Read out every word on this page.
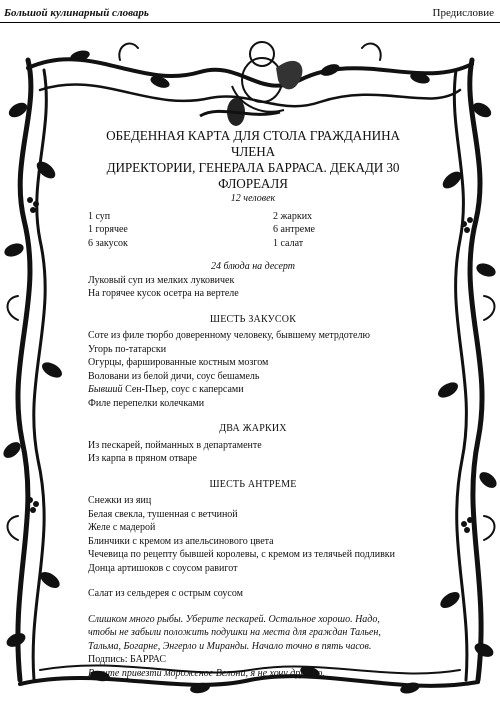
Большой кулинарный словарь	Предисловие

ОБЕДЕННАЯ КАРТА ДЛЯ СТОЛА ГРАЖДАНИНА ЧЛЕНА

ДИРЕКТОРИИ, ГЕНЕРАЛА БАРРАСА. ДЕКАДИ 30 ФЛОРЕАЛЯ

12 человек

1 суп

1 горячее

6 закусок

2 жарких

6 антреме

1 салат

24 блюда на десерт

Луковый суп из мелких луковичек

На горячее кусок осетра на вертеле

ШЕСТЬ ЗАКУСОК

Соте из филе тюрбо доверенному человеку, бывшему метрдотелю

Угорь по-татарски

Огурцы, фаршированные костным мозгом

Воловани из белой дичи, соус бешамель

Бывший Сен-Пьер, соус с каперсами

Филе перепелки колечками

ДВА ЖАРКИХ

Из пескарей, пойманных в департаменте

Из карпа в пряном отваре

ШЕСТЬ АНТРЕМЕ

Снежки из яиц

Белая свекла, тушенная с ветчиной

Желе с мадерой

Блинчики с кремом из апельсинового цвета

Чечевица по рецепту бывшей королевы, с кремом из телячьей подливки

Донца артишоков с соусом равигот

Салат из сельдерея с острым соусом

Слишком много рыбы. Уберите пескарей. Остальное хорошо. Надо,

чтобы не забыли положить подушки на места для граждан Тальен,

Тальма, Богарне, Энгерло и Миранды. Начало точно в пять часов.

Подпись: БАРРАС

Велите привезти мороженое Велони, я не хочу другого.
